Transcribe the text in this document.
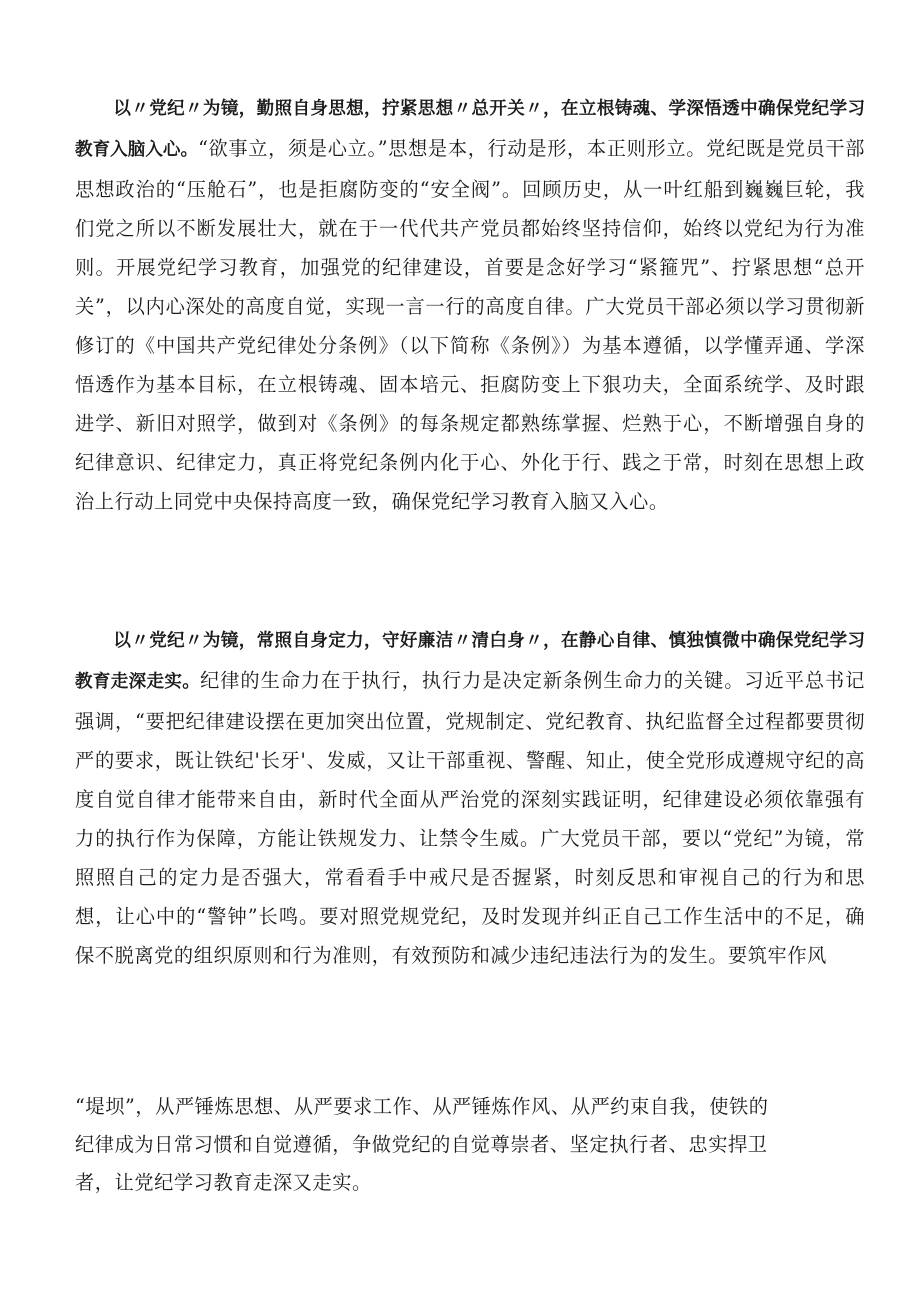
以〃党纪〃为镜，勤照自身思想，拧紧思想〃总开关〃，在立根铸魂、学深悟透中确保党纪学习教育入脑入心。“欲事立，须是心立。”思想是本，行动是形，本正则形立。党纪既是党员干部思想政治的“压舱石”，也是拒腐防变的“安全阀”。回顾历史，从一叶红船到巍巍巨轮，我们党之所以不断发展壮大，就在于一代代共产党员都始终坚持信仰，始终以党纪为行为准则。开展党纪学习教育，加强党的纪律建设，首要是念好学习“紧箍咒”、拧紧思想“总开关”，以内心深处的高度自觉，实现一言一行的高度自律。广大党员干部必须以学习贯彻新修订的《中国共产党纪律处分条例》（以下简称《条例》）为基本遵循，以学懂弄通、学深悟透作为基本目标，在立根铸魂、固本培元、拒腐防变上下狠功夫，全面系统学、及时跟进学、新旧对照学，做到对《条例》的每条规定都熟练掌握、烂熟于心，不断增强自身的纪律意识、纪律定力，真正将党纪条例内化于心、外化于行、践之于常，时刻在思想上政治上行动上同党中央保持高度一致，确保党纪学习教育入脑又入心。

以〃党纪〃为镜，常照自身定力，守好廉洁〃清白身〃，在静心自律、慎独慎微中确保党纪学习教育走深走实。纪律的生命力在于执行，执行力是决定新条例生命力的关键。习近平总书记强调，“要把纪律建设摆在更加突出位置，党规制定、党纪教育、执纪监督全过程都要贯彻严的要求，既让铁纪'长牙'、发威，又让干部重视、警醒、知止，使全党形成遵规守纪的高度自觉自律才能带来自由，新时代全面从严治党的深刻实践证明，纪律建设必须依靠强有力的执行作为保障，方能让铁规发力、让禁令生威。广大党员干部，要以“党纪”为镜，常照照自己的定力是否强大，常看看手中戒尺是否握紧，时刻反思和审视自己的行为和思想，让心中的“警钟”长鸣。要对照党规党纪，及时发现并纠正自己工作生活中的不足，确保不脱离党的组织原则和行为准则，有效预防和减少违纪违法行为的发生。要筑牢作风

“堤坝”，从严锤炼思想、从严要求工作、从严锤炼作风、从严约束自我，使铁的

纪律成为日常习惯和自觉遵循，争做党纪的自觉尊崇者、坚定执行者、忠实捍卫

者，让党纪学习教育走深又走实。
